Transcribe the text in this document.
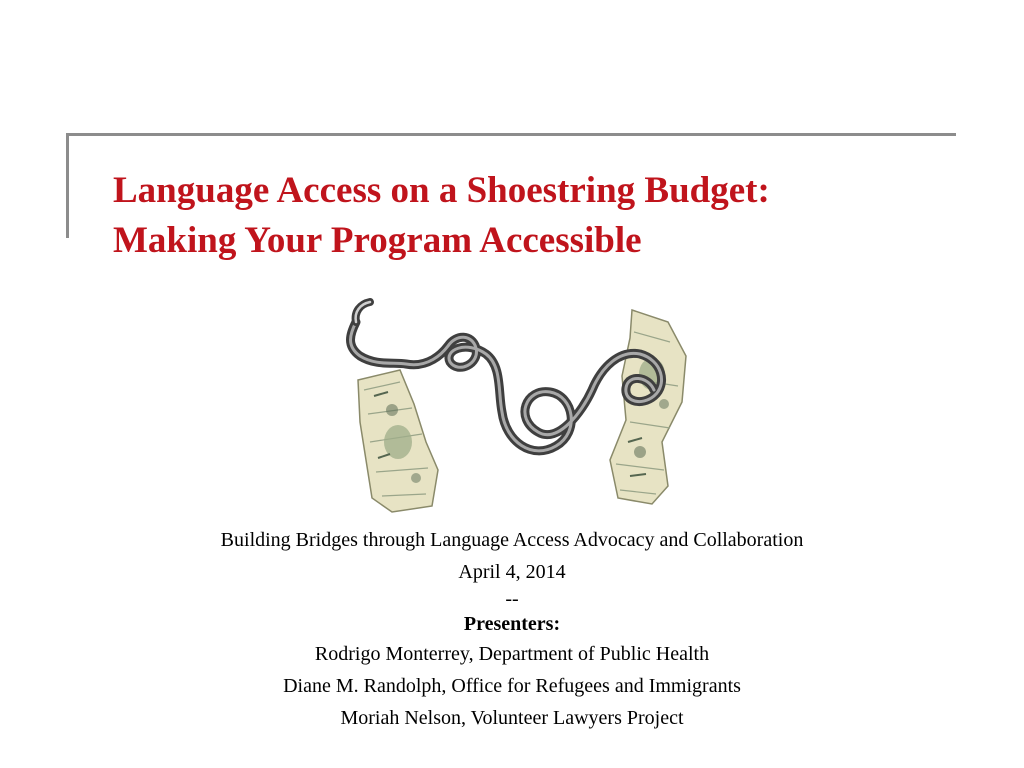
Language Access on a Shoestring Budget:
Making Your Program Accessible
Building Bridges through Language Access Advocacy and Collaboration
April 4, 2014
--
Presenters:
Rodrigo Monterrey, Department of Public Health
Diane M. Randolph, Office for Refugees and Immigrants
Moriah Nelson, Volunteer Lawyers Project
